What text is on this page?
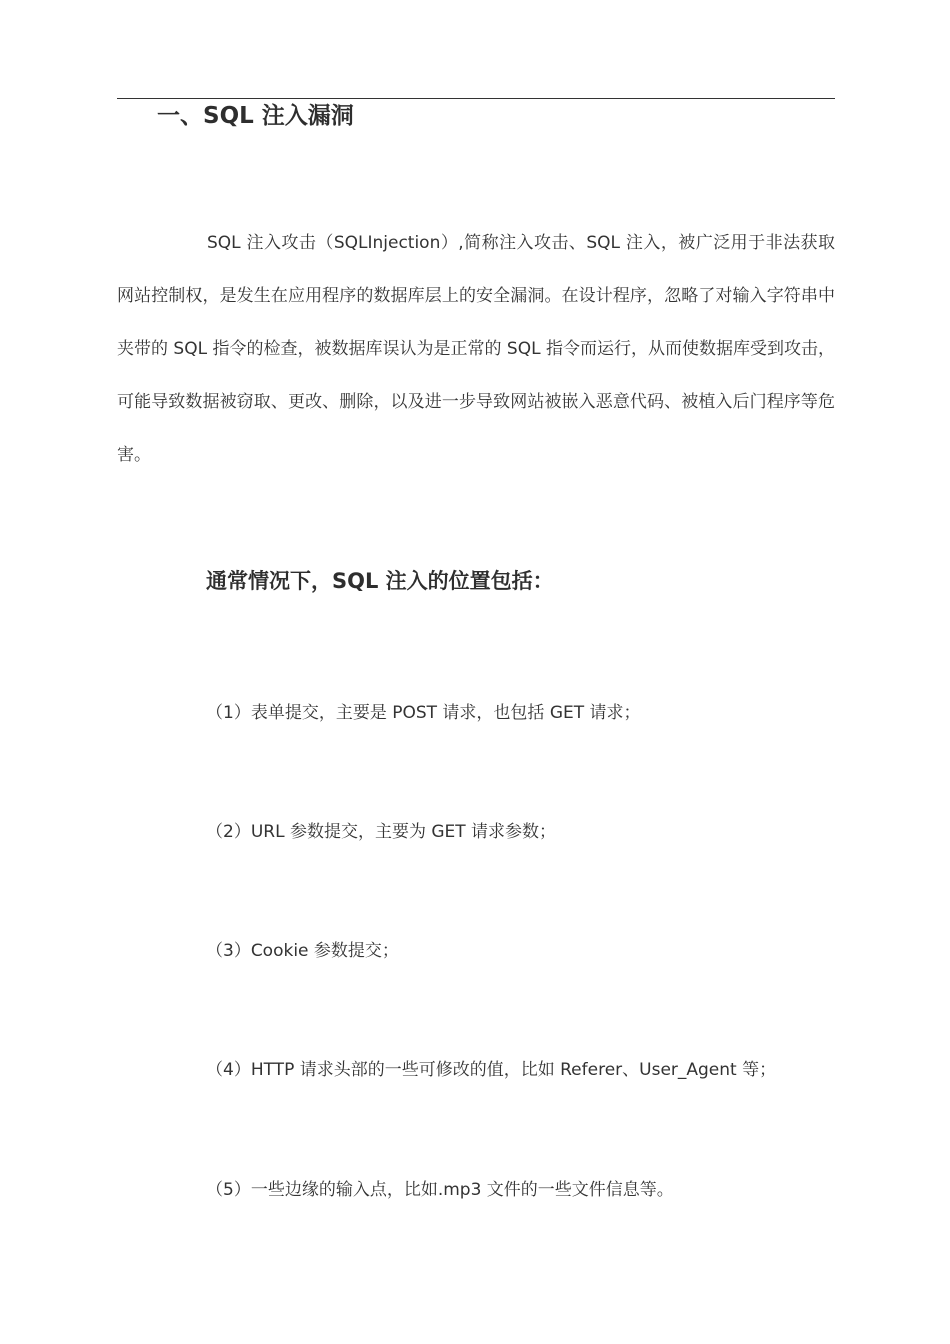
一、SQL 注入漏洞

SQL 注入攻击（SQLInjection）,简称注入攻击、SQL 注入，被广泛用于非法获取网站控制权，是发生在应用程序的数据库层上的安全漏洞。在设计程序，忽略了对输入字符串中夹带的 SQL 指令的检查，被数据库误认为是正常的 SQL 指令而运行，从而使数据库受到攻击，可能导致数据被窃取、更改、删除，以及进一步导致网站被嵌入恶意代码、被植入后门程序等危害。

通常情况下，SQL 注入的位置包括：
（1）表单提交，主要是 POST 请求，也包括 GET 请求；
（2）URL 参数提交，主要为 GET 请求参数；
（3）Cookie 参数提交；
（4）HTTP 请求头部的一些可修改的值，比如 Referer、User_Agent 等；
（5）一些边缘的输入点，比如.mp3 文件的一些文件信息等。
